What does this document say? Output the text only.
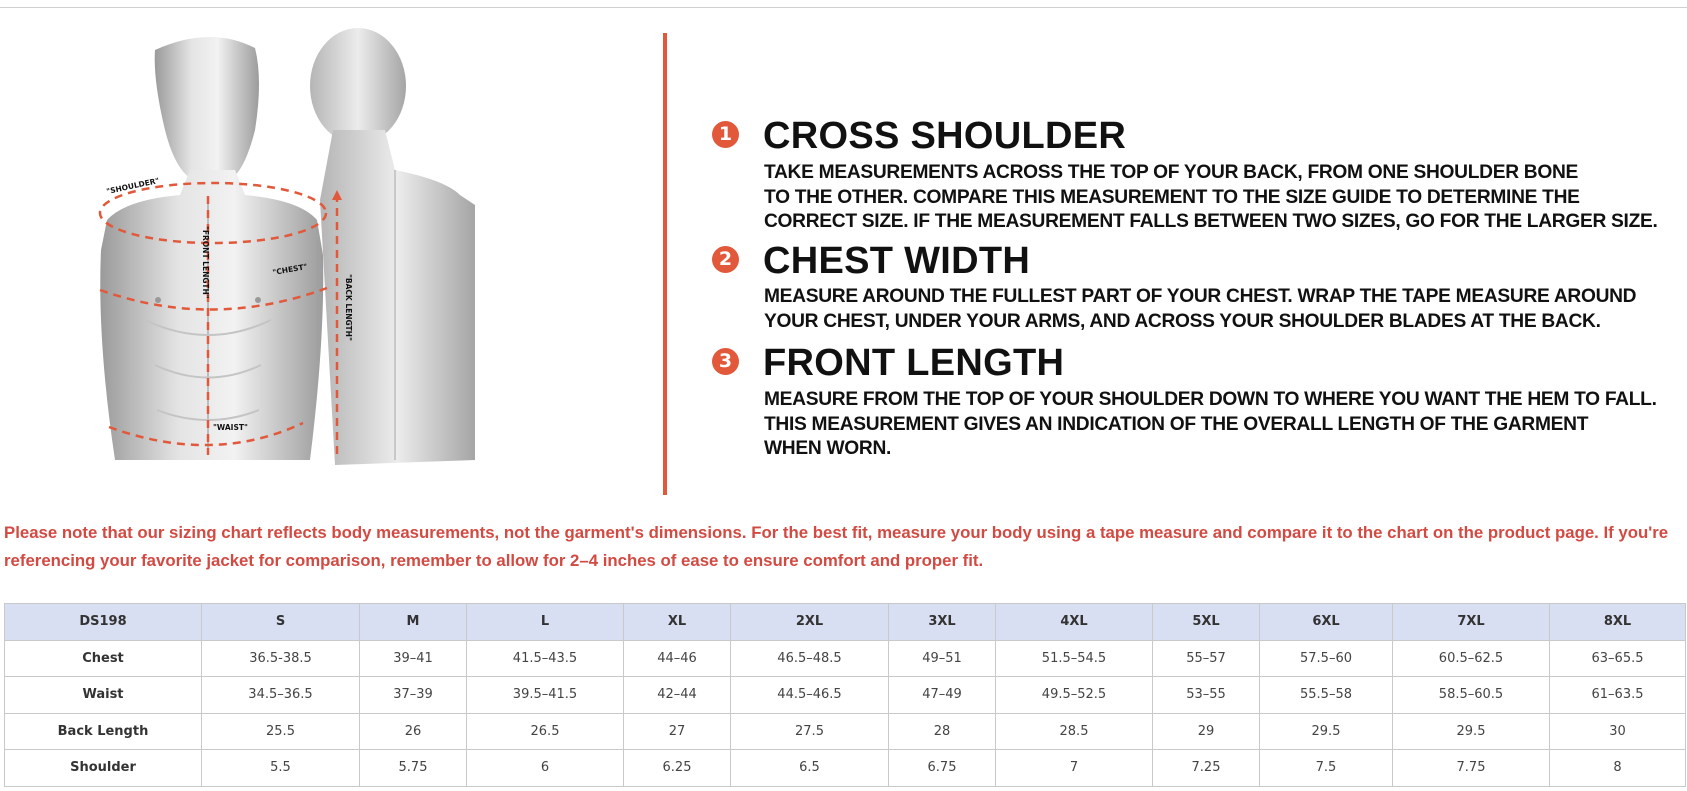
"SHOULDER"
"FRONT LENGTH"	"CHEST"
"BACK LENGTH"
"WAIST"
1 CROSS SHOULDER
TAKE MEASUREMENTS ACROSS THE TOP OF YOUR BACK, FROM ONE SHOULDER BONE
TO THE OTHER. COMPARE THIS MEASUREMENT TO THE SIZE GUIDE TO DETERMINE THE
CORRECT SIZE. IF THE MEASUREMENT FALLS BETWEEN TWO SIZES, GO FOR THE LARGER SIZE.
2 CHEST WIDTH
MEASURE AROUND THE FULLEST PART OF YOUR CHEST. WRAP THE TAPE MEASURE AROUND
YOUR CHEST, UNDER YOUR ARMS, AND ACROSS YOUR SHOULDER BLADES AT THE BACK.
3 FRONT LENGTH
MEASURE FROM THE TOP OF YOUR SHOULDER DOWN TO WHERE YOU WANT THE HEM TO FALL.
THIS MEASUREMENT GIVES AN INDICATION OF THE OVERALL LENGTH OF THE GARMENT
WHEN WORN.
Please note that our sizing chart reflects body measurements, not the garment's dimensions. For the best fit, measure your body using a tape measure and compare it to the chart on the product page. If you're referencing your favorite jacket for comparison, remember to allow for 2–4 inches of ease to ensure comfort and proper fit.
DS198	S	M	L	XL	2XL	3XL	4XL	5XL	6XL	7XL	8XL
Chest	36.5-38.5	39–41	41.5–43.5	44–46	46.5–48.5	49–51	51.5–54.5	55–57	57.5–60	60.5–62.5	63–65.5
Waist	34.5–36.5	37–39	39.5–41.5	42–44	44.5–46.5	47–49	49.5–52.5	53–55	55.5–58	58.5–60.5	61–63.5
Back Length	25.5	26	26.5	27	27.5	28	28.5	29	29.5	29.5	30
Shoulder	5.5	5.75	6	6.25	6.5	6.75	7	7.25	7.5	7.75	8
